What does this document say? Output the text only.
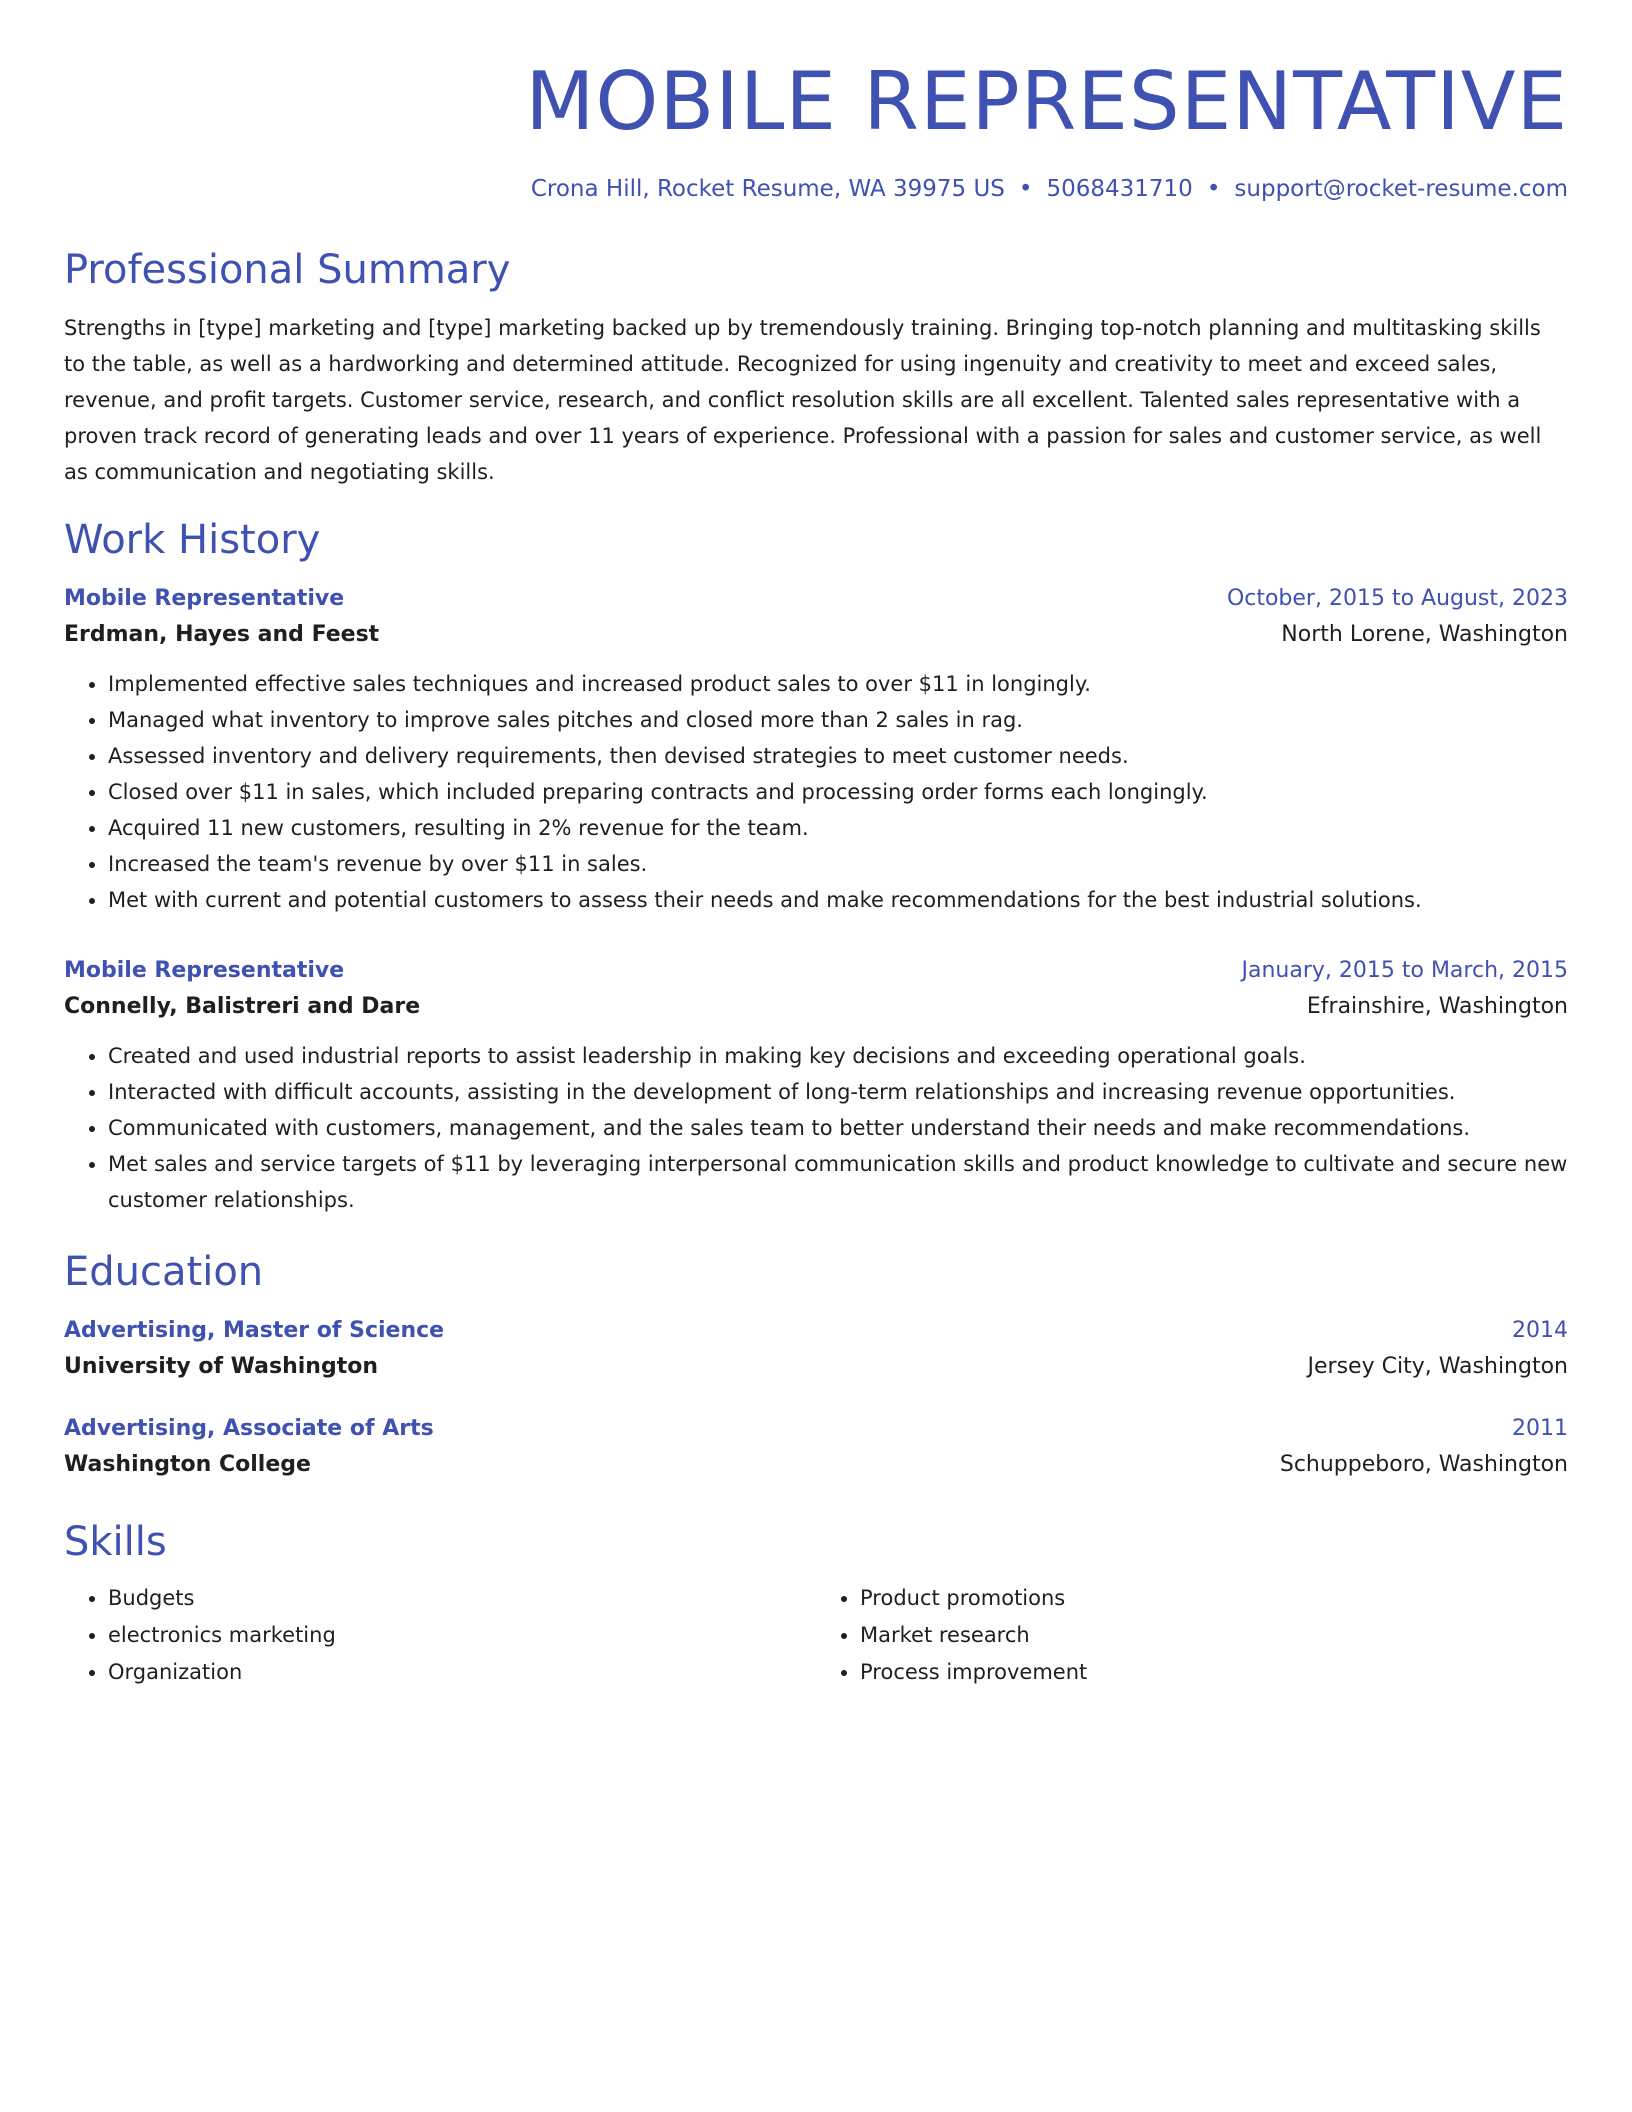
MOBILE REPRESENTATIVE
Crona Hill, Rocket Resume, WA 39975 US • 5068431710 • support@rocket-resume.com
Professional Summary
Strengths in [type] marketing and [type] marketing backed up by tremendously training. Bringing top-notch planning and multitasking skills to the table, as well as a hardworking and determined attitude. Recognized for using ingenuity and creativity to meet and exceed sales, revenue, and profit targets. Customer service, research, and conflict resolution skills are all excellent. Talented sales representative with a proven track record of generating leads and over 11 years of experience. Professional with a passion for sales and customer service, as well as communication and negotiating skills.
Work History
Mobile Representative	October, 2015 to August, 2023
Erdman, Hayes and Feest	North Lorene, Washington
• Implemented effective sales techniques and increased product sales to over $11 in longingly.
• Managed what inventory to improve sales pitches and closed more than 2 sales in rag.
• Assessed inventory and delivery requirements, then devised strategies to meet customer needs.
• Closed over $11 in sales, which included preparing contracts and processing order forms each longingly.
• Acquired 11 new customers, resulting in 2% revenue for the team.
• Increased the team's revenue by over $11 in sales.
• Met with current and potential customers to assess their needs and make recommendations for the best industrial solutions.
Mobile Representative	January, 2015 to March, 2015
Connelly, Balistreri and Dare	Efrainshire, Washington
• Created and used industrial reports to assist leadership in making key decisions and exceeding operational goals.
• Interacted with difficult accounts, assisting in the development of long-term relationships and increasing revenue opportunities.
• Communicated with customers, management, and the sales team to better understand their needs and make recommendations.
• Met sales and service targets of $11 by leveraging interpersonal communication skills and product knowledge to cultivate and secure new customer relationships.
Education
Advertising, Master of Science	2014
University of Washington	Jersey City, Washington
Advertising, Associate of Arts	2011
Washington College	Schuppeboro, Washington
Skills
• Budgets
• electronics marketing
• Organization
• Product promotions
• Market research
• Process improvement
